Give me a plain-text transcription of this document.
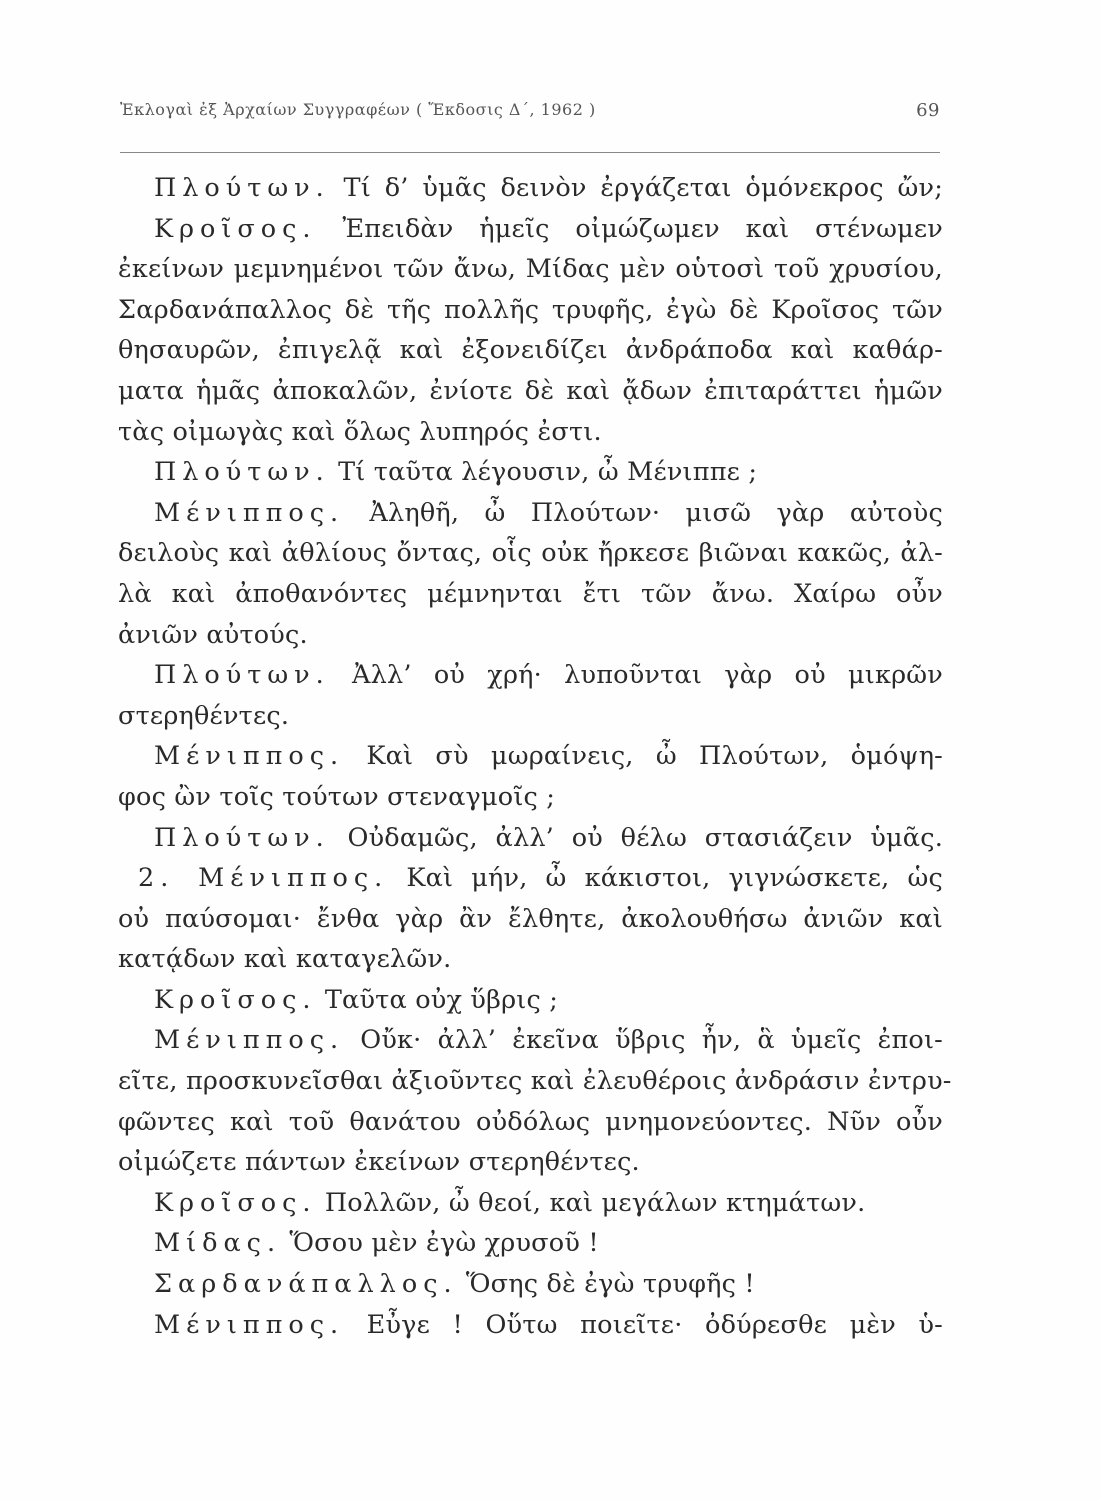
Ἐκλογαὶ ἐξ Ἀρχαίων Συγγραφέων ( Ἔκδοσις Δ΄, 1962 )	69
Πλούτων. Τί δ’ ὑμᾶς δεινὸν ἐργάζεται ὁμόνεκρος ὤν;
Κροῖσος. Ἐπειδὰν ἡμεῖς οἰμώζωμεν καὶ στένωμεν
ἐκείνων μεμνημένοι τῶν ἄνω, Μίδας μὲν οὑτοσὶ τοῦ χρυσίου,
Σαρδανάπαλλος δὲ τῆς πολλῆς τρυφῆς, ἐγὼ δὲ Κροῖσος τῶν
θησαυρῶν, ἐπιγελᾷ καὶ ἐξονειδίζει ἀνδράποδα καὶ καθάρ-
ματα ἡμᾶς ἀποκαλῶν, ἐνίοτε δὲ καὶ ᾄδων ἐπιταράττει ἡμῶν
τὰς οἰμωγὰς καὶ ὅλως λυπηρός ἐστι.
Πλούτων. Τί ταῦτα λέγουσιν, ὦ Μένιππε ;
Μένιππος. Ἀληθῆ, ὦ Πλούτων· μισῶ γὰρ αὐτοὺς
δειλοὺς καὶ ἀθλίους ὄντας, οἷς οὐκ ἤρκεσε βιῶναι κακῶς, ἀλ-
λὰ καὶ ἀποθανόντες μέμνηνται ἔτι τῶν ἄνω. Χαίρω οὖν
ἀνιῶν αὐτούς.
Πλούτων. Ἀλλ’ οὐ χρή· λυποῦνται γὰρ οὐ μικρῶν
στερηθέντες.
Μένιππος. Καὶ σὺ μωραίνεις, ὦ Πλούτων, ὁμόψη-
φος ὢν τοῖς τούτων στεναγμοῖς ;
Πλούτων. Οὐδαμῶς, ἀλλ’ οὐ θέλω στασιάζειν ὑμᾶς.
2. Μένιππος. Καὶ μήν, ὦ κάκιστοι, γιγνώσκετε, ὡς
οὐ παύσομαι· ἔνθα γὰρ ἂν ἔλθητε, ἀκολουθήσω ἀνιῶν καὶ
κατᾴδων καὶ καταγελῶν.
Κροῖσος. Ταῦτα οὐχ ὕβρις ;
Μένιππος. Οὔκ· ἀλλ’ ἐκεῖνα ὕβρις ἦν, ἃ ὑμεῖς ἐποι-
εῖτε, προσκυνεῖσθαι ἀξιοῦντες καὶ ἐλευθέροις ἀνδράσιν ἐντρυ-
φῶντες καὶ τοῦ θανάτου οὐδόλως μνημονεύοντες. Νῦν οὖν
οἰμώζετε πάντων ἐκείνων στερηθέντες.
Κροῖσος. Πολλῶν, ὦ θεοί, καὶ μεγάλων κτημάτων.
Μίδας. Ὅσου μὲν ἐγὼ χρυσοῦ !
Σαρδανάπαλλος. Ὅσης δὲ ἐγὼ τρυφῆς !
Μένιππος. Εὖγε ! Οὕτω ποιεῖτε· ὀδύρεσθε μὲν ὑ-
